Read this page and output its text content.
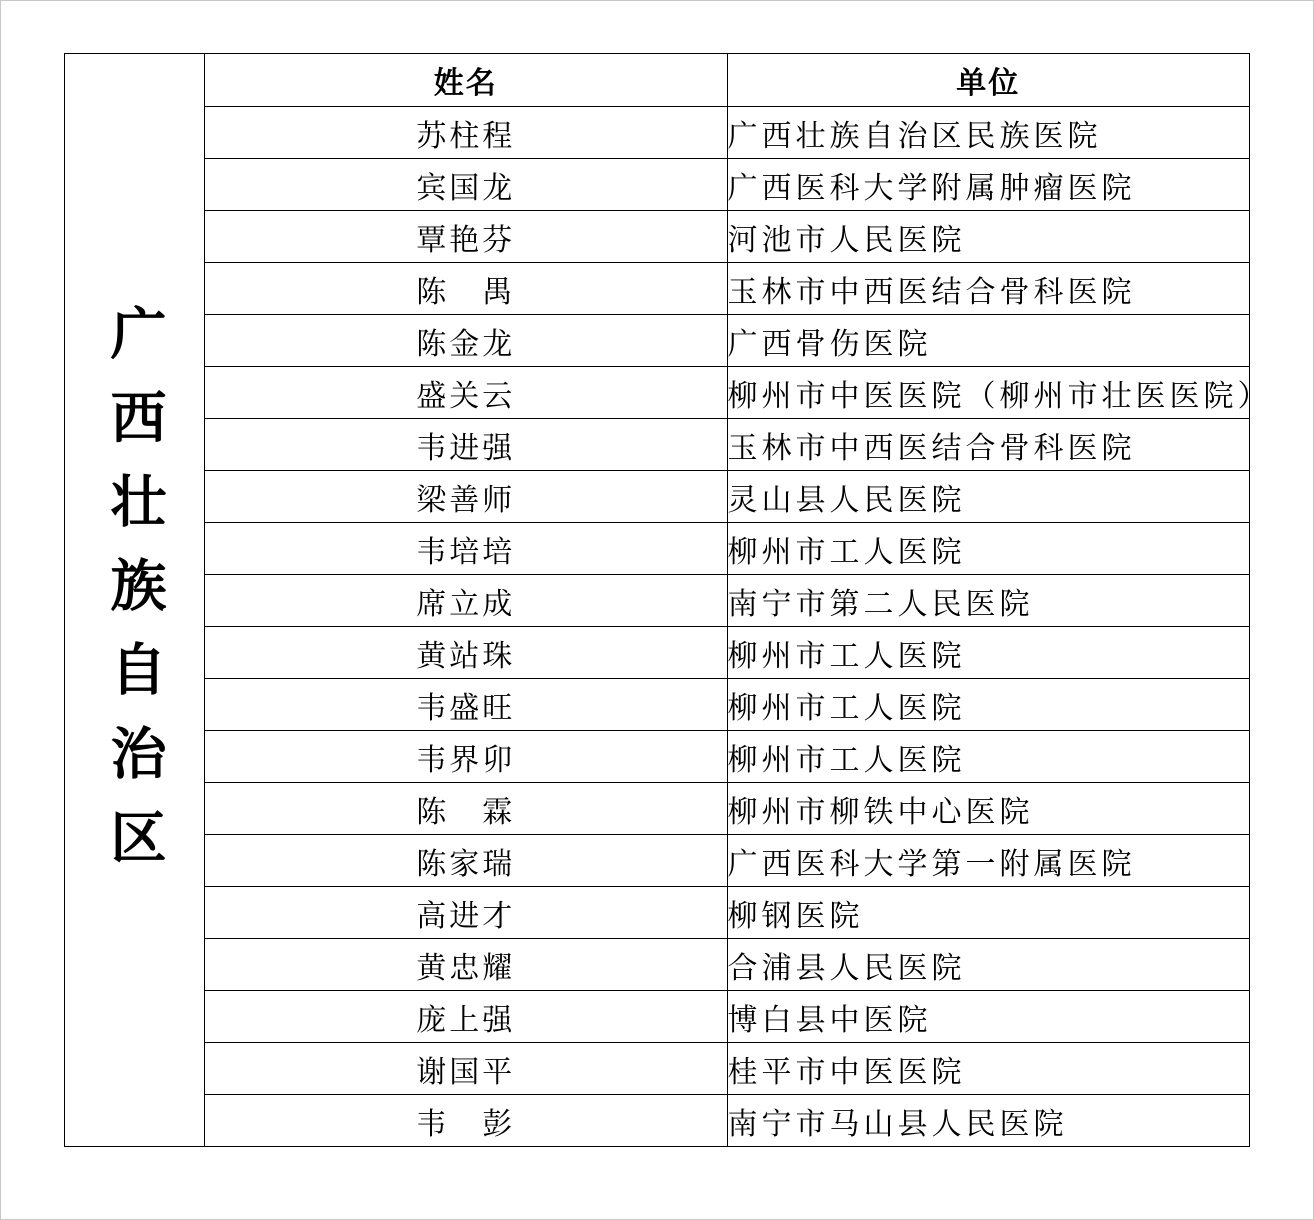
广西壮族自治区	姓名	单位
	苏柱程	广西壮族自治区民族医院
	宾国龙	广西医科大学附属肿瘤医院
	覃艳芬	河池市人民医院
	陈　禺	玉林市中西医结合骨科医院
	陈金龙	广西骨伤医院
	盛关云	柳州市中医医院（柳州市壮医医院）
	韦进强	玉林市中西医结合骨科医院
	梁善师	灵山县人民医院
	韦培培	柳州市工人医院
	席立成	南宁市第二人民医院
	黄站珠	柳州市工人医院
	韦盛旺	柳州市工人医院
	韦界卯	柳州市工人医院
	陈　霖	柳州市柳铁中心医院
	陈家瑞	广西医科大学第一附属医院
	高进才	柳钢医院
	黄忠耀	合浦县人民医院
	庞上强	博白县中医院
	谢国平	桂平市中医医院
	韦　彭	南宁市马山县人民医院
